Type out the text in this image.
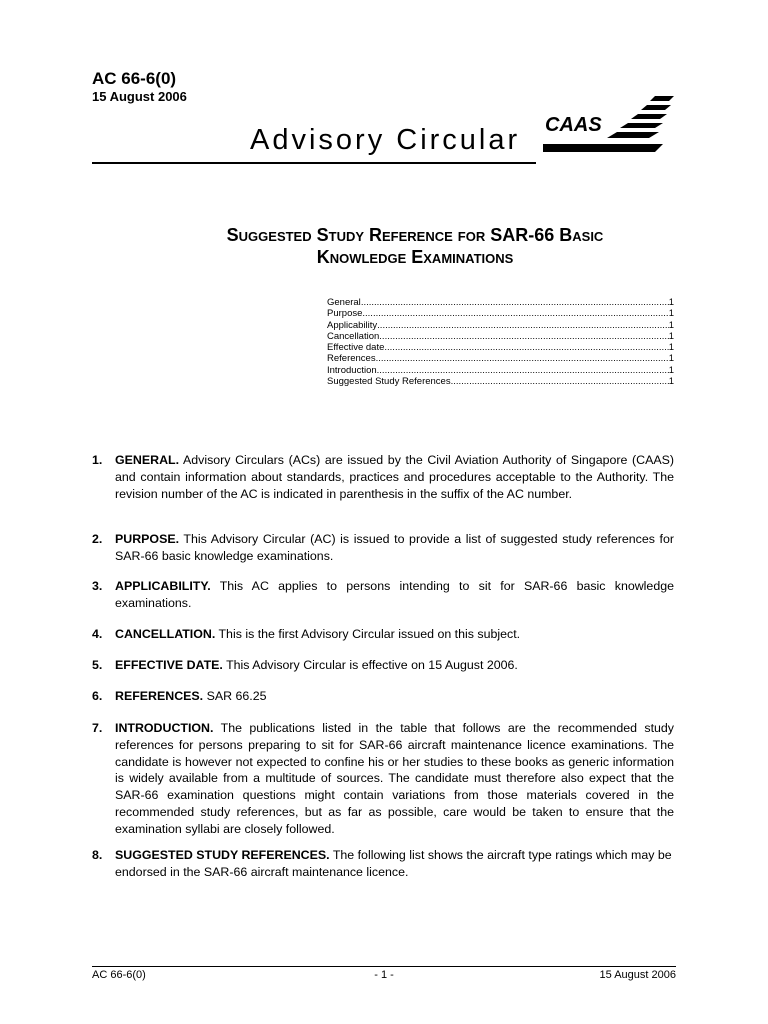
AC 66-6(0)

15 August 2006

Advisory Circular CAAS
Suggested Study Reference for SAR-66 Basic
Knowledge Examinations
General .....	1
Purpose .....	1
Applicability .....	1
Cancellation .....	1
Effective date .....	1
References .....	1
Introduction .....	1
Suggested Study References .....	1
1. GENERAL. Advisory Circulars (ACs) are issued by the Civil Aviation Authority of Singapore (CAAS) and contain information about standards, practices and procedures acceptable to the Authority. The revision number of the AC is indicated in parenthesis in the suffix of the AC number.
2. PURPOSE. This Advisory Circular (AC) is issued to provide a list of suggested study references for SAR-66 basic knowledge examinations.
3. APPLICABILITY. This AC applies to persons intending to sit for SAR-66 basic knowledge examinations.
4. CANCELLATION. This is the first Advisory Circular issued on this subject.
5. EFFECTIVE DATE. This Advisory Circular is effective on 15 August 2006.
6. REFERENCES. SAR 66.25
7. INTRODUCTION. The publications listed in the table that follows are the recommended study references for persons preparing to sit for SAR-66 aircraft maintenance licence examinations. The candidate is however not expected to confine his or her studies to these books as generic information is widely available from a multitude of sources. The candidate must therefore also expect that the SAR-66 examination questions might contain variations from those materials covered in the recommended study references, but as far as possible, care would be taken to ensure that the examination syllabi are closely followed.
8. SUGGESTED STUDY REFERENCES. The following list shows the aircraft type ratings which may be endorsed in the SAR-66 aircraft maintenance licence.
AC 66-6(0)	- 1 -	15 August 2006
